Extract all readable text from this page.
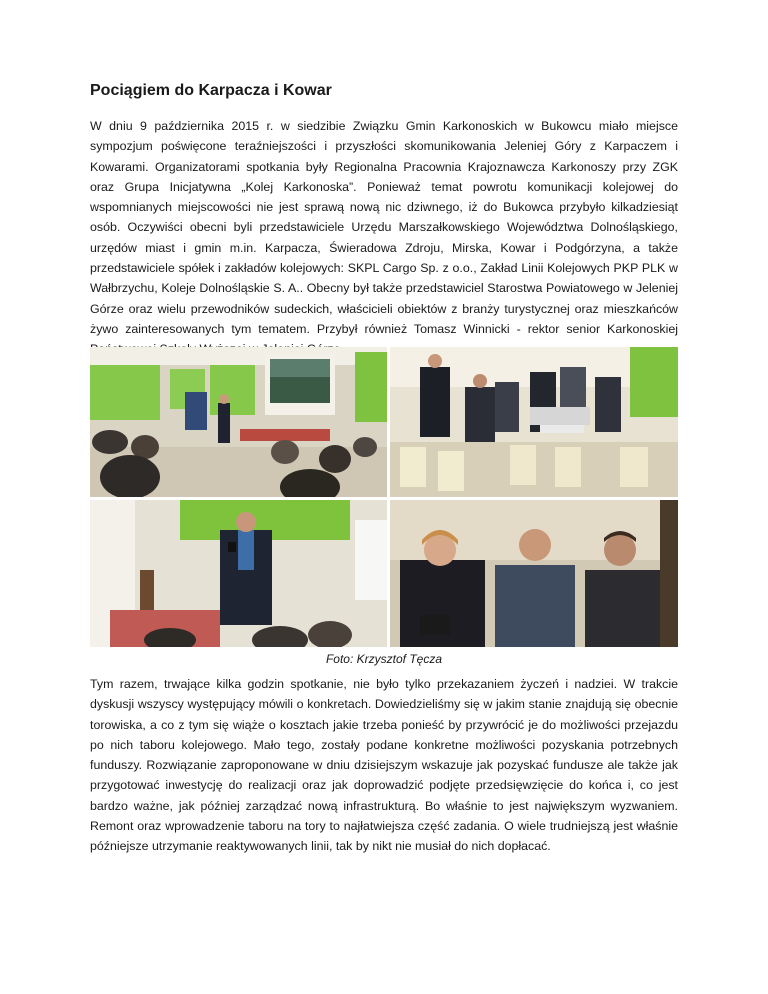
Pociągiem do Karpacza i Kowar

W dniu 9 października 2015 r. w siedzibie Związku Gmin Karkonoskich w Bukowcu miało miejsce sympozjum poświęcone teraźniejszości i przyszłości skomunikowania Jeleniej Góry z Karpaczem i Kowarami. Organizatorami spotkania były Regionalna Pracownia Krajoznawcza Karkonoszy przy ZGK oraz Grupa Inicjatywna „Kolej Karkonoska”. Ponieważ temat powrotu komunikacji kolejowej do wspomnianych miejscowości nie jest sprawą nową nic dziwnego, iż do Bukowca przybyło kilkadziesiąt osób. Oczywiści obecni byli przedstawiciele Urzędu Marszałkowskiego Województwa Dolnośląskiego, urzędów miast i gmin m.in. Karpacza, Świeradowa Zdroju, Mirska, Kowar i Podgórzyna, a także przedstawiciele spółek i zakładów kolejowych: SKPL Cargo Sp. z o.o., Zakład Linii Kolejowych PKP PLK w Wałbrzychu, Koleje Dolnośląskie S. A.. Obecny był także przedstawiciel Starostwa Powiatowego w Jeleniej Górze oraz wielu przewodników sudeckich, właścicieli obiektów z branży turystycznej oraz mieszkańców żywo zainteresowanych tym tematem. Przybył również Tomasz Winnicki - rektor senior Karkonoskiej

Foto: Krzysztof Tęcza

Tym razem, trwające kilka godzin spotkanie, nie było tylko przekazaniem życzeń i nadziei. W trakcie dyskusji wszyscy występujący mówili o konkretach. Dowiedzieliśmy się w jakim stanie znajdują się obecnie torowiska, a co z tym się wiąże o kosztach jakie trzeba ponieść by przywrócić je do możliwości przejazdu po nich taboru kolejowego. Mało tego, zostały podane konkretne możliwości pozyskania potrzebnych funduszy. Rozwiązanie zaproponowane w dniu dzisiejszym wskazuje jak pozyskać fundusze ale także jak przygotować inwestycję do realizacji oraz jak doprowadzić podjęte przedsięwzięcie do końca i, co jest bardzo ważne, jak później zarządzać nową infrastrukturą. Bo właśnie to jest największym wyzwaniem. Remont oraz wprowadzenie taboru na tory to najłatwiejsza część zadania. O wiele trudniejszą jest właśnie późniejsze utrzymanie reaktywowanych linii, tak by nikt nie musiał do nich dopłacać.
